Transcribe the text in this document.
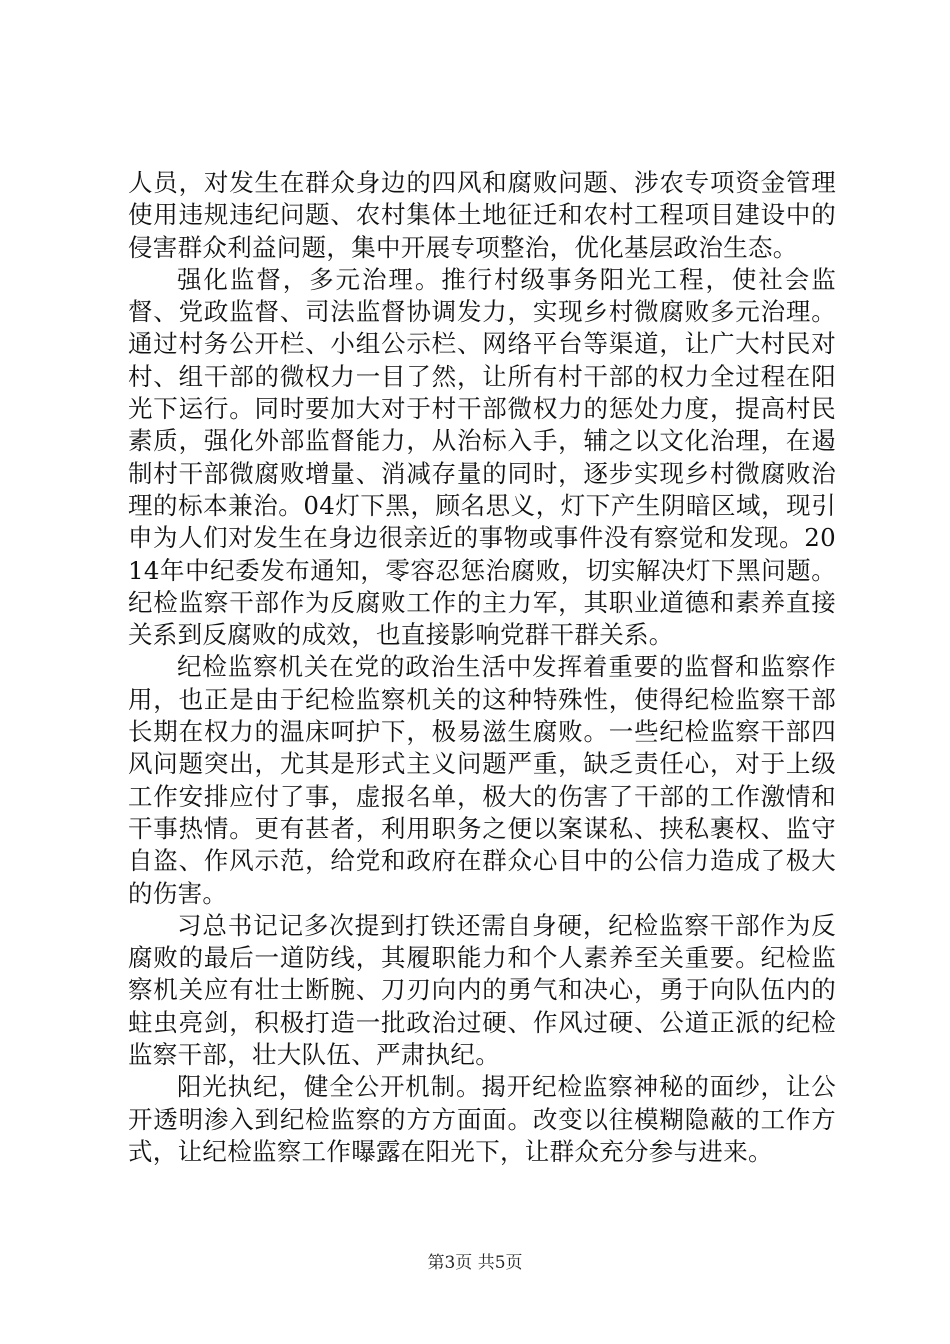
人员，对发生在群众身边的四风和腐败问题、涉农专项资金管理使用违规违纪问题、农村集体土地征迁和农村工程项目建设中的侵害群众利益问题，集中开展专项整治，优化基层政治生态。

强化监督，多元治理。推行村级事务阳光工程，使社会监督、党政监督、司法监督协调发力，实现乡村微腐败多元治理。通过村务公开栏、小组公示栏、网络平台等渠道，让广大村民对村、组干部的微权力一目了然，让所有村干部的权力全过程在阳光下运行。同时要加大对于村干部微权力的惩处力度，提高村民素质，强化外部监督能力，从治标入手，辅之以文化治理，在遏制村干部微腐败增量、消减存量的同时，逐步实现乡村微腐败治理的标本兼治。04灯下黑，顾名思义，灯下产生阴暗区域，现引申为人们对发生在身边很亲近的事物或事件没有察觉和发现。2014年中纪委发布通知，零容忍惩治腐败，切实解决灯下黑问题。纪检监察干部作为反腐败工作的主力军，其职业道德和素养直接关系到反腐败的成效，也直接影响党群干群关系。

纪检监察机关在党的政治生活中发挥着重要的监督和监察作用，也正是由于纪检监察机关的这种特殊性，使得纪检监察干部长期在权力的温床呵护下，极易滋生腐败。一些纪检监察干部四风问题突出，尤其是形式主义问题严重，缺乏责任心，对于上级工作安排应付了事，虚报名单，极大的伤害了干部的工作激情和干事热情。更有甚者，利用职务之便以案谋私、挟私裹权、监守自盗、作风示范，给党和政府在群众心目中的公信力造成了极大的伤害。

习总书记记多次提到打铁还需自身硬，纪检监察干部作为反腐败的最后一道防线，其履职能力和个人素养至关重要。纪检监察机关应有壮士断腕、刀刃向内的勇气和决心，勇于向队伍内的蛀虫亮剑，积极打造一批政治过硬、作风过硬、公道正派的纪检监察干部，壮大队伍、严肃执纪。

阳光执纪，健全公开机制。揭开纪检监察神秘的面纱，让公开透明渗入到纪检监察的方方面面。改变以往模糊隐蔽的工作方式，让纪检监察工作曝露在阳光下，让群众充分参与进来。

第3页 共5页
